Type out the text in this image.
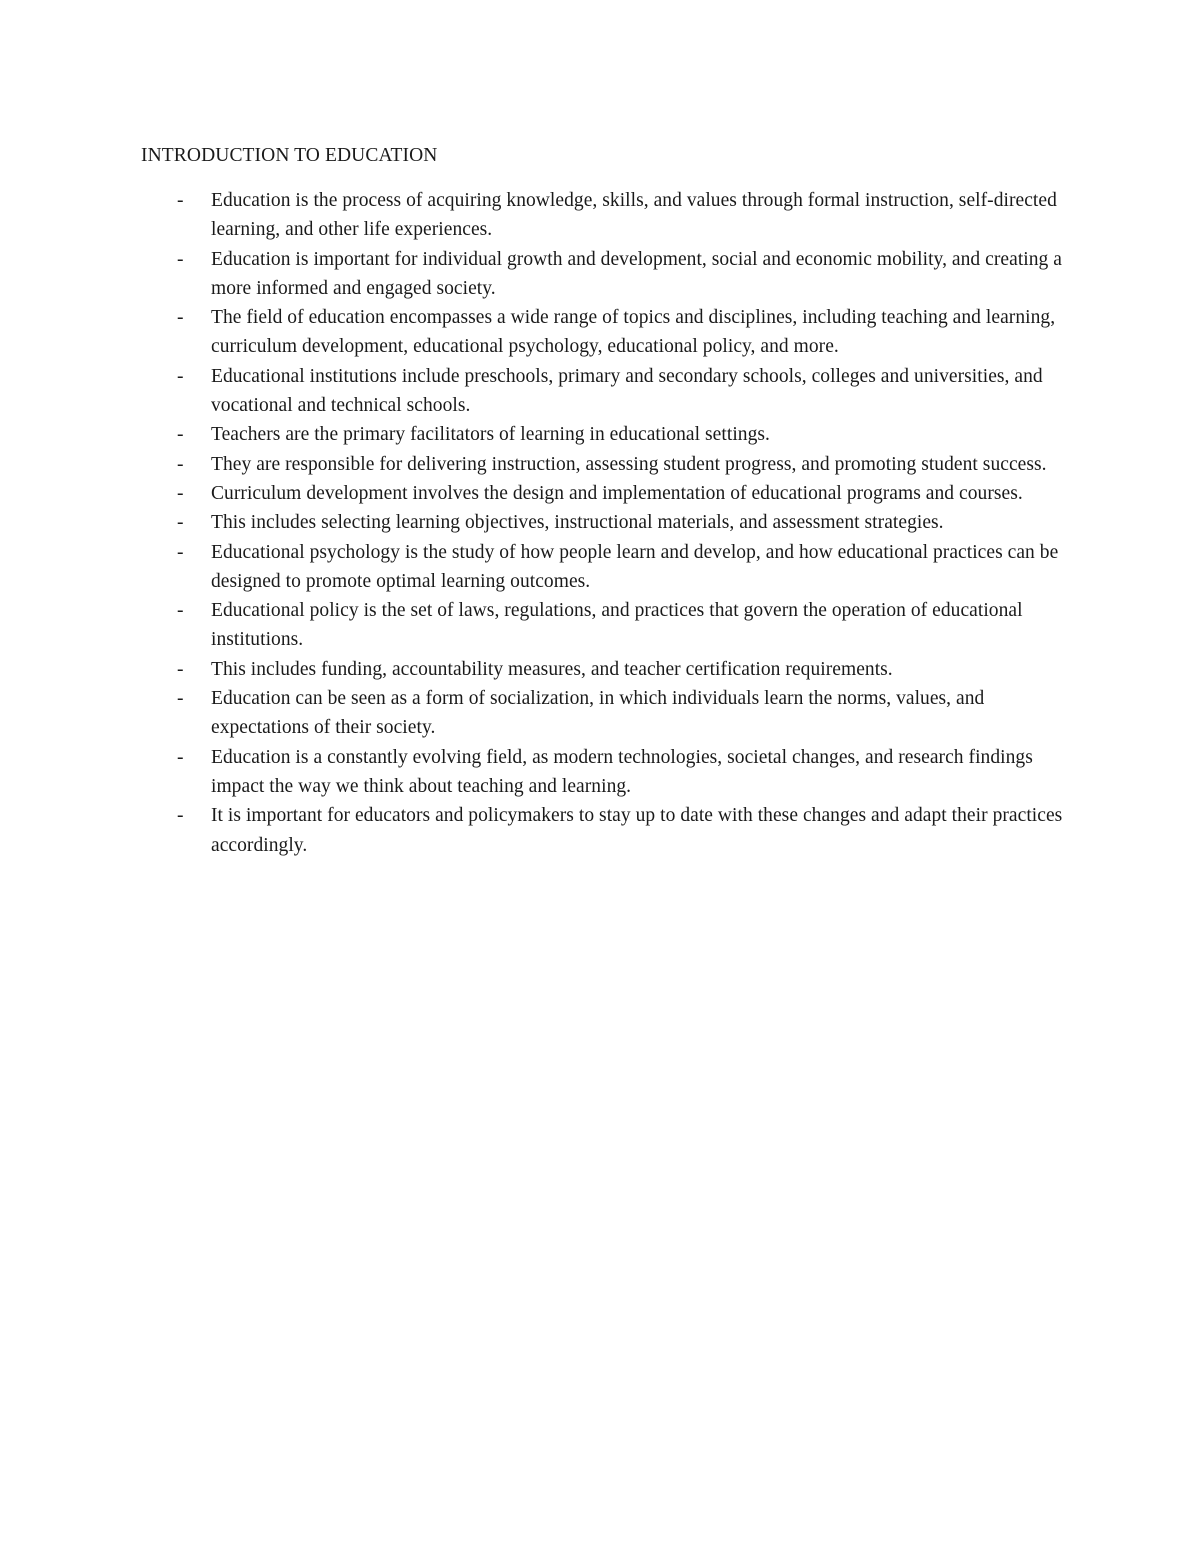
INTRODUCTION TO EDUCATION
- Education is the process of acquiring knowledge, skills, and values through formal instruction, self-directed learning, and other life experiences.
- Education is important for individual growth and development, social and economic mobility, and creating a more informed and engaged society.
- The field of education encompasses a wide range of topics and disciplines, including teaching and learning, curriculum development, educational psychology, educational policy, and more.
- Educational institutions include preschools, primary and secondary schools, colleges and universities, and vocational and technical schools.
- Teachers are the primary facilitators of learning in educational settings.
- They are responsible for delivering instruction, assessing student progress, and promoting student success.
- Curriculum development involves the design and implementation of educational programs and courses.
- This includes selecting learning objectives, instructional materials, and assessment strategies.
- Educational psychology is the study of how people learn and develop, and how educational practices can be designed to promote optimal learning outcomes.
- Educational policy is the set of laws, regulations, and practices that govern the operation of educational institutions.
- This includes funding, accountability measures, and teacher certification requirements.
- Education can be seen as a form of socialization, in which individuals learn the norms, values, and expectations of their society.
- Education is a constantly evolving field, as modern technologies, societal changes, and research findings impact the way we think about teaching and learning.
- It is important for educators and policymakers to stay up to date with these changes and adapt their practices accordingly.
